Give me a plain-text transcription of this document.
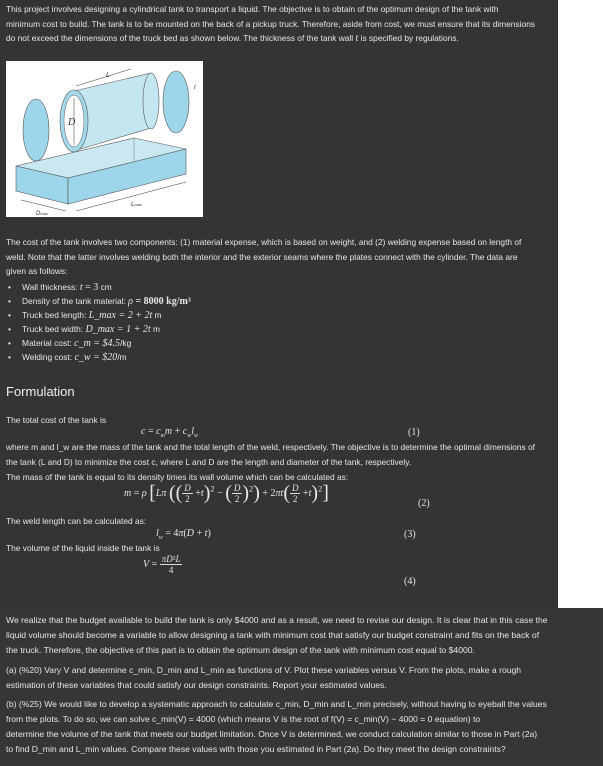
This project involves designing a cylindrical tank to transport a liquid. The objective is to obtain of the optimum design of the tank with
minimum cost to build. The tank is to be mounted on the back of a pickup truck. Therefore, aside from cost, we must ensure that its dimensions
do not exceed the dimensions of the truck bed as shown below. The thickness of the tank wall t is specified by regulations.
D
L
t
Dmax
Lmax
The cost of the tank involves two components: (1) material expense, which is based on weight, and (2) welding expense based on length of
weld. Note that the latter involves welding both the interior and the exterior seams where the plates connect with the cylinder. The data are
given as follows:
• Wall thickness: t = 3 cm
• Density of the tank material: ρ = 8000 kg/m³
• Truck bed length: L_max = 2 + 2t m
• Truck bed width: D_max = 1 + 2t m
• Material cost: c_m = $4.5/kg
• Welding cost: c_w = $20/m
Formulation
The total cost of the tank is
$c = c_mm + c_wl_w$	(1)
where m and l_w are the mass of the tank and the total length of the weld, respectively. The objective is to determine the optimal dimensions of
the tank (L and D) to minimize the cost c, where L and D are the length and diameter of the tank, respectively.
The mass of the tank is equal to its density times its wall volume which can be calculated as:
m = ρ [Lπ (( $\frac{D}{2} +t)^2$ − ( $\frac{D}{2} )^2) + 2\pi t( \frac{D}{2} +t)^2$]	(2)
The weld length can be calculated as:
$l_w = 4\pi(D + t)$	(3)
The volume of the liquid inside the tank is
$V = \frac{\text{πD²L}}{4}$
(4)
We realize that the budget available to build the tank is only $4000 and as a result, we need to revise our design. It is clear that in this case the
liquid volume should become a variable to allow designing a tank with minimum cost that satisfy our budget constraint and fits on the back of
the truck. Therefore, the objective of this part is to obtain the optimum design of the tank with minimum cost equal to $4000.
(a) (%20) Vary V and determine c_min, D_min and L_min as functions of V. Plot these variables versus V. From the plots, make a rough
estimation of these variables that could satisfy our design constraints. Report your estimated values.
(b) (%25) We would like to develop a systematic approach to calculate c_min, D_min and L_min precisely, without having to eyeball the values
from the plots. To do so, we can solve c_min(V) = 4000 (which means V is the root of f(V) = c_min(V) − 4000 = 0 equation) to
determine the volume of the tank that meets our budget limitation. Once V is determined, we conduct calculation similar to those in Part (2a)
to find D_min and L_min values. Compare these values with those you estimated in Part (2a). Do they meet the design constraints?
